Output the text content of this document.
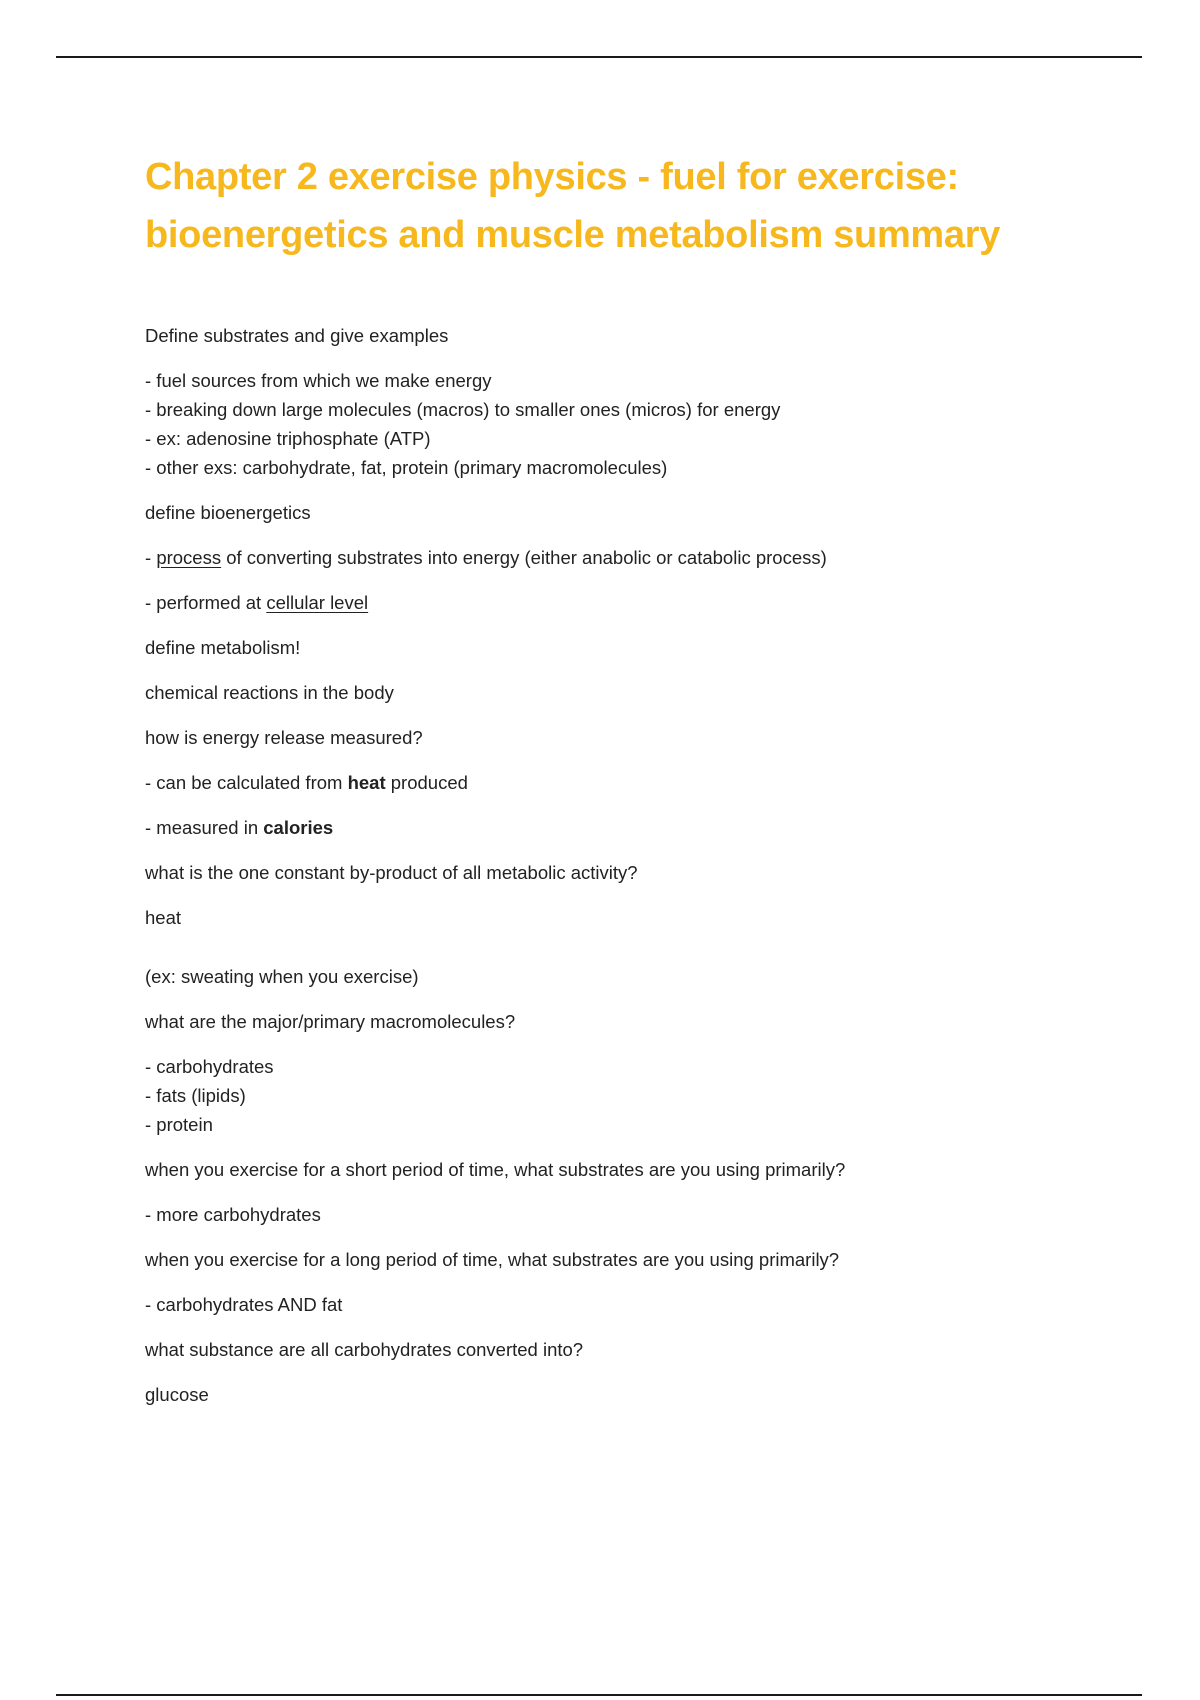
Chapter 2 exercise physics - fuel for exercise:
bioenergetics and muscle metabolism summary
Define substrates and give examples
- fuel sources from which we make energy
- breaking down large molecules (macros) to smaller ones (micros) for energy
- ex: adenosine triphosphate (ATP)
- other exs: carbohydrate, fat, protein (primary macromolecules)
define bioenergetics
- process of converting substrates into energy (either anabolic or catabolic process)
- performed at cellular level
define metabolism!
chemical reactions in the body
how is energy release measured?
- can be calculated from heat produced
- measured in calories
what is the one constant by-product of all metabolic activity?
heat
(ex: sweating when you exercise)
what are the major/primary macromolecules?
- carbohydrates
- fats (lipids)
- protein
when you exercise for a short period of time, what substrates are you using primarily?
- more carbohydrates
when you exercise for a long period of time, what substrates are you using primarily?
- carbohydrates AND fat
what substance are all carbohydrates converted into?
glucose
